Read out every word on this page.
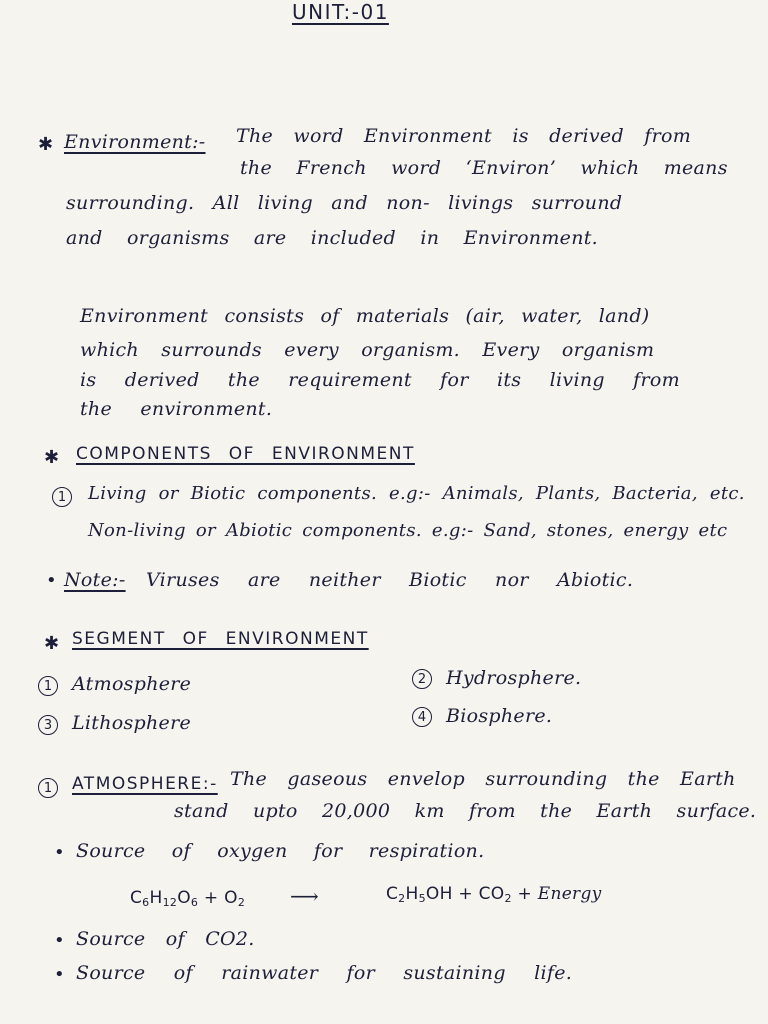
UNIT:-01
✱ Environment:- The word Environment is derived from
the French word ‘Environ’ which means
surrounding. All living and non- livings surround
and organisms are included in Environment.
Environment consists of materials (air, water, land)
which surrounds every organism. Every organism
is derived the requirement for its living from
the environment.
✱ COMPONENTS OF ENVIRONMENT
1	Living or Biotic components. e.g:- Animals, Plants, Bacteria, etc.
Non-living or Abiotic components. e.g:- Sand, stones, energy etc
• Note:- Viruses are neither Biotic nor Abiotic.
✱ SEGMENT OF ENVIRONMENT
1	Atmosphere	2	Hydrosphere.
3	Lithosphere	4	Biosphere.
1	ATMOSPHERE:- The gaseous envelop surrounding the Earth
stand upto 20,000 km from the Earth surface.
• Source of oxygen for respiration.
$C_6H_{12}O_6 + O_2$ ⟶	$C_2H_5OH + CO_2$ + Energy
• Source of CO2.
• Source of rainwater for sustaining life.
